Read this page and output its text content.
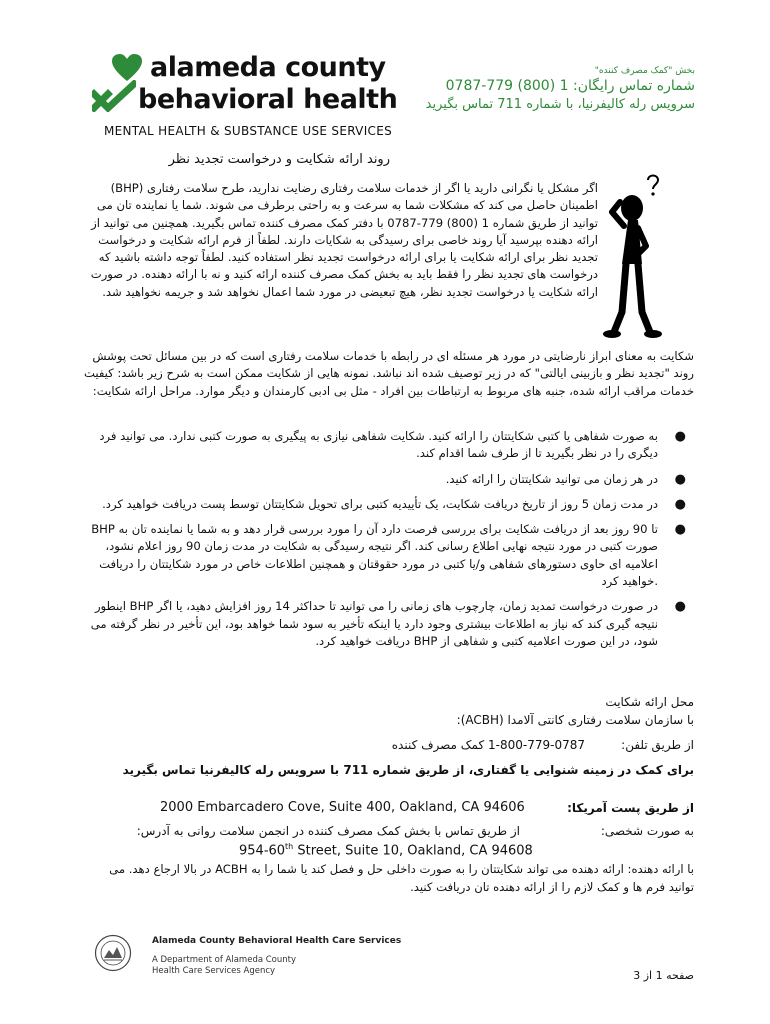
alameda county
behavioral health
MENTAL HEALTH & SUBSTANCE USE SERVICES
بخش "کمک مصرف کننده"
شماره تماس رایگان: 1 (800) 779-0787
سرویس رله کالیفرنیا، با شماره 711 تماس بگیرید
روند ارائه شکایت و درخواست تجدید نظر
اگر مشکل یا نگرانی دارید یا اگر از خدمات سلامت رفتاری رضایت ندارید، طرح سلامت رفتاری (BHP) اطمینان حاصل می کند که مشکلات شما به سرعت و به راحتی برطرف می شوند. شما یا نماینده تان می توانید از طریق شماره 1 (800) 779-0787 با دفتر کمک مصرف کننده تماس بگیرید. همچنین می توانید از ارائه دهنده بپرسید آیا روند خاصی برای رسیدگی به شکایات دارند. لطفاً از فرم ارائه شکایت و درخواست تجدید نظر برای ارائه شکایت یا برای ارائه درخواست تجدید نظر استفاده کنید. لطفاً توجه داشته باشید که درخواست های تجدید نظر را فقط باید به بخش کمک مصرف کننده ارائه کنید و نه با ارائه دهنده. در صورت ارائه شکایت یا درخواست تجدید نظر، هیچ تبعیضی در مورد شما اعمال نخواهد شد و جریمه نخواهید شد.
شکایت به معنای ابراز نارضایتی در مورد هر مسئله ای در رابطه با خدمات سلامت رفتاری است که در بین مسائل تحت پوشش روند "تجدید نظر و بازبینی ایالتی" که در زیر توصیف شده اند نباشد. نمونه هایی از شکایت ممکن است به شرح زیر باشد: کیفیت خدمات مراقب ارائه شده، جنبه های مربوط به ارتباطات بین افراد - مثل بی ادبی کارمندان و دیگر موارد. مراحل ارائه شکایت:
●
به صورت شفاهی یا کتبی شکایتتان را ارائه کنید. شکایت شفاهی نیازی به پیگیری به صورت کتبی ندارد. می توانید فرد دیگری را در نظر بگیرید تا از طرف شما اقدام کند.
●
در هر زمان می توانید شکایتتان را ارائه کنید.
●
در مدت زمان 5 روز از تاریخ دریافت شکایت، یک تأییدیه کتبی برای تحویل شکایتتان توسط پست دریافت خواهید کرد.
●
BHP تا 90 روز بعد از دریافت شکایت برای بررسی فرصت دارد آن را مورد بررسی قرار دهد و به شما یا نماینده تان به صورت کتبی در مورد نتیجه نهایی اطلاع رسانی کند. اگر نتیجه رسیدگی به شکایت در مدت زمان 90 روز اعلام نشود، اعلامیه ای حاوی دستورهای شفاهی و/یا کتبی در مورد حقوقتان و همچنین اطلاعات خاص در مورد شکایتتان را دریافت خواهید کرد.
●
در صورت درخواست تمدید زمان، چارچوب های زمانی را می توانید تا حداکثر 14 روز افزایش دهید، یا اگر BHP اینطور نتیجه گیری کند که نیاز به اطلاعات بیشتری وجود دارد یا اینکه تأخیر به سود شما خواهد بود، این تأخیر در نظر گرفته می شود، در این صورت اعلامیه کتبی و شفاهی از BHP دریافت خواهید کرد.
محل ارائه شکایت
با سازمان سلامت رفتاری کانتی آلامدا (ACBH):
از طریق تلفن:
1-800-779-0787 کمک مصرف کننده
برای کمک در زمینه شنوایی یا گفتاری، از طریق شماره 711 با سرویس رله کالیفرنیا تماس بگیرید
از طریق پست آمریکا:
2000 Embarcadero Cove, Suite 400, Oakland, CA 94606
به صورت شخصی:
از طریق تماس با بخش کمک مصرف کننده در انجمن سلامت روانی به آدرس:
954-60th Street, Suite 10, Oakland, CA 94608
با ارائه دهنده: ارائه دهنده می تواند شکایتتان را به صورت داخلی حل و فصل کند یا شما را به ACBH در بالا ارجاع دهد. می توانید فرم ها و کمک لازم را از ارائه دهنده تان دریافت کنید.
Alameda County Behavioral Health Care Services
A Department of Alameda County
Health Care Services Agency	صفحه 1 از 3
